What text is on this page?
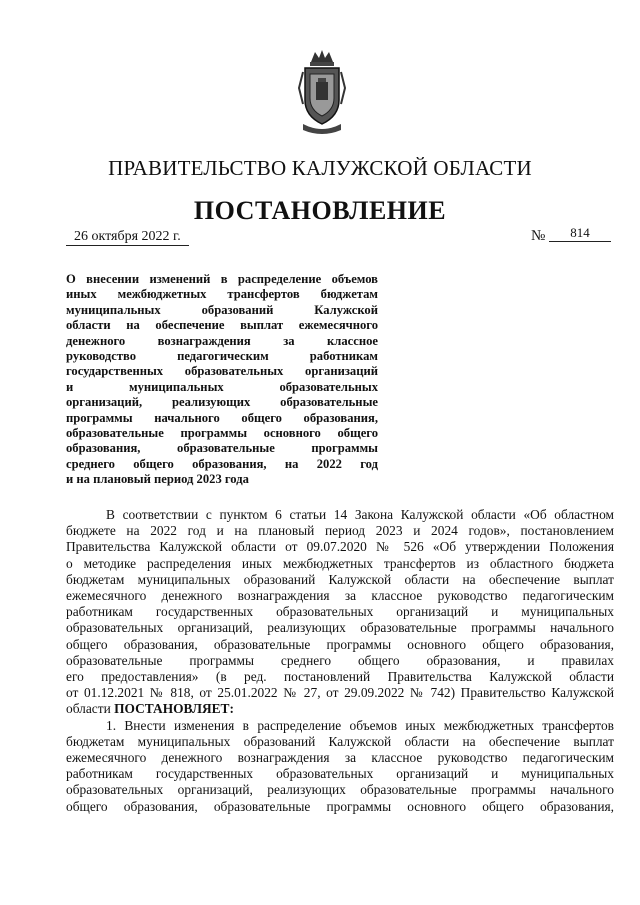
ПРАВИТЕЛЬСТВО КАЛУЖСКОЙ ОБЛАСТИ
ПОСТАНОВЛЕНИЕ
26 октября 2022 г.	№	814
О внесении изменений в распределение объемов
иных межбюджетных трансфертов бюджетам
муниципальных образований Калужской
области на обеспечение выплат ежемесячного
денежного вознаграждения за классное
руководство педагогическим работникам
государственных образовательных организаций
и муниципальных образовательных
организаций, реализующих образовательные
программы начального общего образования,
образовательные программы основного общего
образования, образовательные программы
среднего общего образования, на 2022 год
и на плановый период 2023 года
В соответствии с пунктом 6 статьи 14 Закона Калужской области «Об областном
бюджете на 2022 год и на плановый период 2023 и 2024 годов», постановлением
Правительства Калужской области от 09.07.2020 № 526 «Об утверждении Положения
о методике распределения иных межбюджетных трансфертов из областного бюджета
бюджетам муниципальных образований Калужской области на обеспечение выплат
ежемесячного денежного вознаграждения за классное руководство педагогическим
работникам государственных образовательных организаций и муниципальных
образовательных организаций, реализующих образовательные программы начального
общего образования, образовательные программы основного общего образования,
образовательные программы среднего общего образования, и правилах
его предоставления» (в ред. постановлений Правительства Калужской области
от 01.12.2021 № 818, от 25.01.2022 № 27, от 29.09.2022 № 742) Правительство Калужской
области ПОСТАНОВЛЯЕТ:
1. Внести изменения в распределение объемов иных межбюджетных трансфертов
бюджетам муниципальных образований Калужской области на обеспечение выплат
ежемесячного денежного вознаграждения за классное руководство педагогическим
работникам государственных образовательных организаций и муниципальных
образовательных организаций, реализующих образовательные программы начального
общего образования, образовательные программы основного общего образования,
